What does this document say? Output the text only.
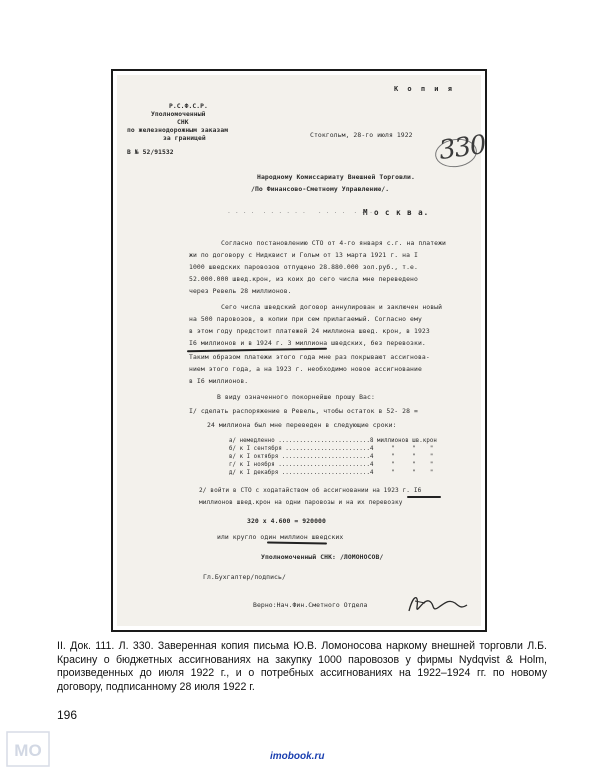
Р.С.Ф.С.Р.
Уполномоченный
СНК
по железнодорожным заказам
за границей
В № 52/91532
К о п и я
Стокгольм, 28-го июля 1922 330
Народному Комиссариату Внешней Торговли.
/По Финансово-Сметному Управлению/.
. . . .  . . . . . .   . . . .  . . .
М о с к в а.
Согласно постановлению СТО от 4-го января с.г. на платежи
жи по договору с Нидквист и Гольм от 13 марта 1921 г. на I
1000 шведских паровозов отпущено 28.880.000 зол.руб., т.е.
52.000.000 швед.крон, из коих до сего числа мне переведено
через Ревель 28 миллионов.
Сего числа шведский договор аннулирован и заключен новый
на 500 паровозов, в копии при сем прилагаемый. Согласно ему
в этом году предстоит платежей 24 миллиона швед. крон, в 1923
I6 миллионов и в 1924 г. 3 миллиона шведских, без перевозки.
Таким образом платежи этого года мне раз покрывают ассигнова-
нием этого года, а на 1923 г. необходимо новое ассигнование
в I6 миллионов.
В виду означенного покорнейше прошу Вас:
I/ сделать распоряжение в Ревель, чтобы остаток в 52- 28 =
24 миллиона был мне переведен в следующие сроки:
а/ немедленно ..........................8 миллионов шв.крон
б/ к I сентября ........................4     "     "    "
в/ к I октября .........................4     "     "    "
г/ к I ноября ..........................4     "     "    "
д/ к I декабря .........................4     "     "    "
2/ войти в СТО с ходатайством об ассигновании на 1923 г. I6
миллионов швед.крон на одни паровозы и на их перевозку
320 х 4.600 = 920000
или кругло один миллион шведских
Уполномоченный СНК: /ЛОМОНОСОВ/
Гл.Бухгалтер/подпись/
Верно:Нач.Фин.Сметного Отдела

II. Док. 111. Л. 330. Заверенная копия письма Ю.В. Ломоносова наркому внешней торговли Л.Б. Красину о бюджетных ассигнованиях на закупку 1000 паровозов у фирмы Nydqvist & Holm, произведенных до июля 1922 г., и о потребных ассигнованиях на 1922–1924 гг. по новому договору, подписанному 28 июля 1922 г.

196
МО	imobook.ru
